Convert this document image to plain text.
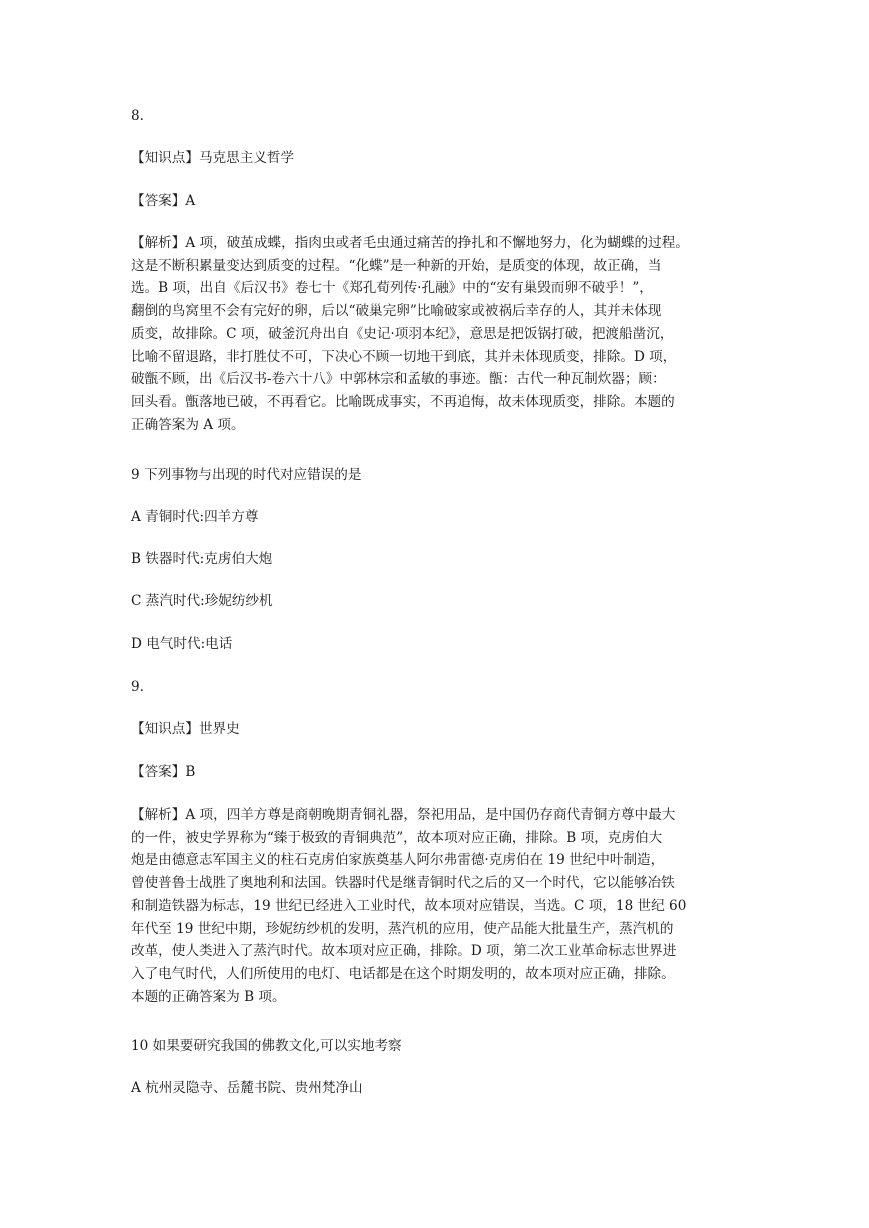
8.

【知识点】马克思主义哲学

【答案】A

【解析】A 项，破茧成蝶，指肉虫或者毛虫通过痛苦的挣扎和不懈地努力，化为蝴蝶的过程。
这是不断积累量变达到质变的过程。“化蝶”是一种新的开始，是质变的体现，故正确，当
选。B 项，出自《后汉书》卷七十《郑孔荀列传·孔融》中的“安有巢毁而卵不破乎！”，
翻倒的鸟窝里不会有完好的卵，后以“破巢完卵”比喻破家或被祸后幸存的人，其并未体现
质变，故排除。C 项，破釜沉舟出自《史记·项羽本纪》，意思是把饭锅打破，把渡船凿沉，
比喻不留退路，非打胜仗不可，下决心不顾一切地干到底，其并未体现质变，排除。D 项，
破甑不顾，出《后汉书-卷六十八》中郭林宗和孟敏的事迹。甑：古代一种瓦制炊器；顾：
回头看。甑落地已破，不再看它。比喻既成事实，不再追悔，故未体现质变，排除。本题的
正确答案为 A 项。

9 下列事物与出现的时代对应错误的是

A 青铜时代:四羊方尊

B 铁器时代:克虏伯大炮

C 蒸汽时代:珍妮纺纱机

D 电气时代:电话

9.

【知识点】世界史

【答案】B

【解析】A 项，四羊方尊是商朝晚期青铜礼器，祭祀用品，是中国仍存商代青铜方尊中最大
的一件，被史学界称为“臻于极致的青铜典范”，故本项对应正确，排除。B 项，克虏伯大
炮是由德意志军国主义的柱石克虏伯家族奠基人阿尔弗雷德·克虏伯在 19 世纪中叶制造，
曾使普鲁士战胜了奥地利和法国。铁器时代是继青铜时代之后的又一个时代，它以能够冶铁
和制造铁器为标志，19 世纪已经进入工业时代，故本项对应错误，当选。C 项，18 世纪 60
年代至 19 世纪中期，珍妮纺纱机的发明，蒸汽机的应用，使产品能大批量生产，蒸汽机的
改革，使人类进入了蒸汽时代。故本项对应正确，排除。D 项，第二次工业革命标志世界进
入了电气时代，人们所使用的电灯、电话都是在这个时期发明的，故本项对应正确，排除。
本题的正确答案为 B 项。

10 如果要研究我国的佛教文化,可以实地考察

A 杭州灵隐寺、岳麓书院、贵州梵净山
